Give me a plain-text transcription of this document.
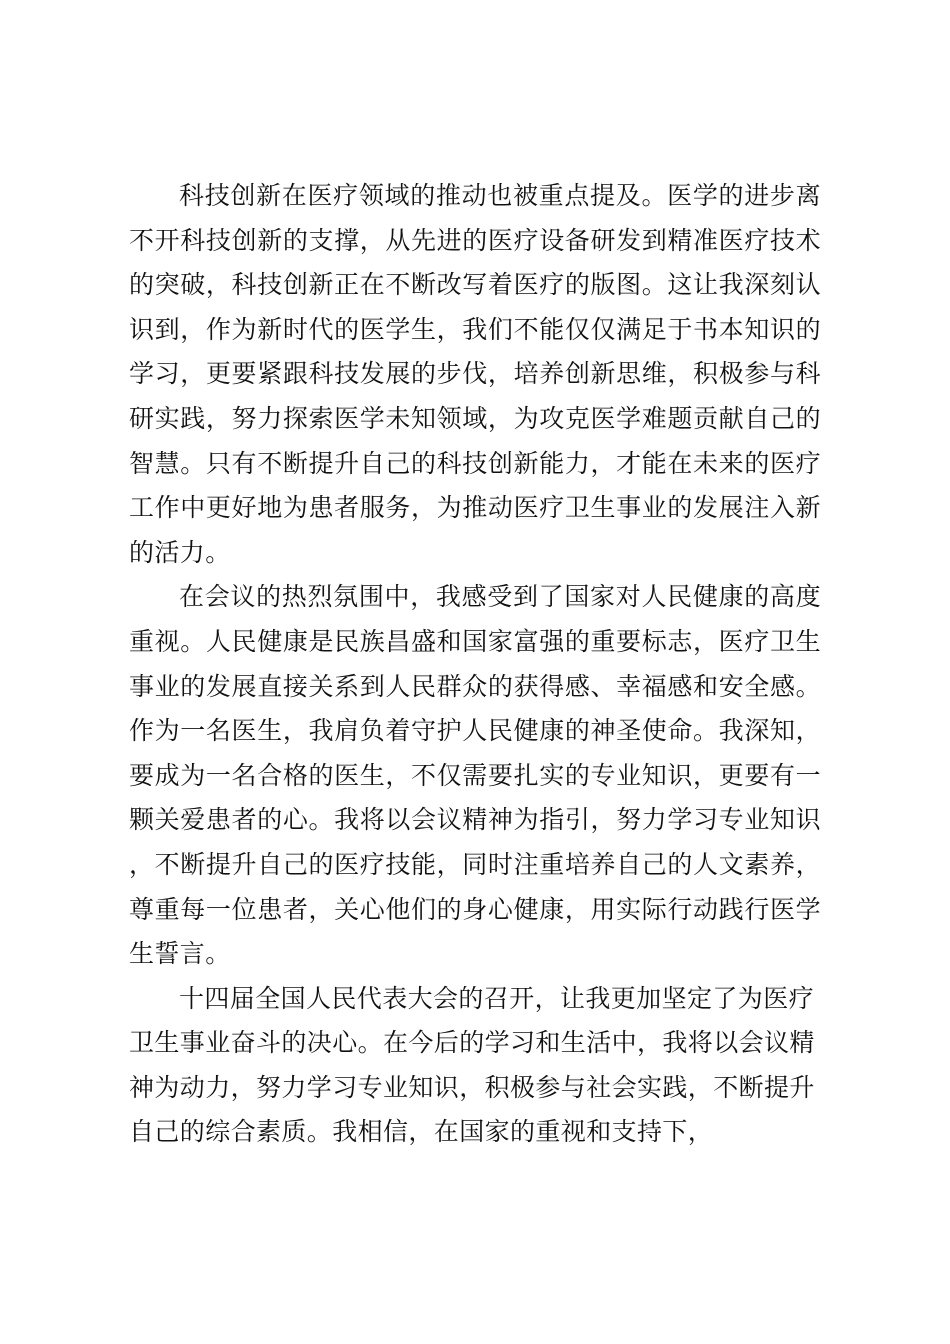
科技创新在医疗领域的推动也被重点提及。医学的进步离不开科技创新的支撑，从先进的医疗设备研发到精准医疗技术的突破，科技创新正在不断改写着医疗的版图。这让我深刻认识到，作为新时代的医学生，我们不能仅仅满足于书本知识的学习，更要紧跟科技发展的步伐，培养创新思维，积极参与科研实践，努力探索医学未知领域，为攻克医学难题贡献自己的智慧。只有不断提升自己的科技创新能力，才能在未来的医疗工作中更好地为患者服务，为推动医疗卫生事业的发展注入新的活力。

在会议的热烈氛围中，我感受到了国家对人民健康的高度重视。人民健康是民族昌盛和国家富强的重要标志，医疗卫生事业的发展直接关系到人民群众的获得感、幸福感和安全感。作为一名医生，我肩负着守护人民健康的神圣使命。我深知，要成为一名合格的医生，不仅需要扎实的专业知识，更要有一颗关爱患者的心。我将以会议精神为指引，努力学习专业知识，不断提升自己的医疗技能，同时注重培养自己的人文素养，尊重每一位患者，关心他们的身心健康，用实际行动践行医学生誓言。

十四届全国人民代表大会的召开，让我更加坚定了为医疗卫生事业奋斗的决心。在今后的学习和生活中，我将以会议精神为动力，努力学习专业知识，积极参与社会实践，不断提升自己的综合素质。我相信，在国家的重视和支持下，
